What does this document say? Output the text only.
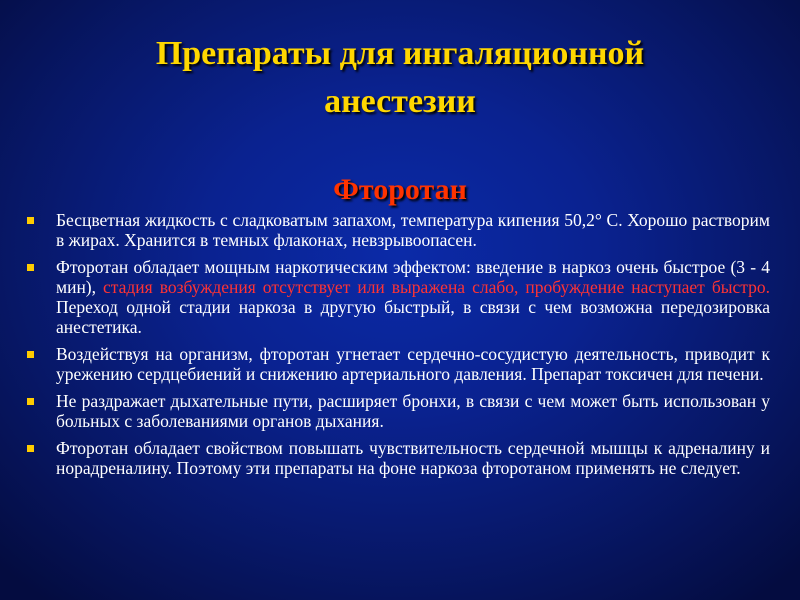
Препараты для ингаляционной
анестезии
Фторотан
Бесцветная жидкость с сладковатым запахом, температура кипения 50,2° С. Хорошо растворим в жирах. Хранится в темных флаконах, невзрывоопасен.
Фторотан обладает мощным наркотическим эффектом: введение в наркоз очень быстрое (3 - 4 мин), стадия возбуждения отсутствует или выражена слабо, пробуждение наступает быстро. Переход одной стадии наркоза в другую быстрый, в связи с чем возможна передозировка анестетика.
Воздействуя на организм, фторотан угнетает сердечно-сосудистую деятельность, приводит к урежению сердцебиений и снижению артериального давления. Препарат токсичен для печени.
Не раздражает дыхательные пути, расширяет бронхи, в связи с чем может быть использован у больных с заболеваниями органов дыхания.
Фторотан обладает свойством повышать чувствительность сердечной мышцы к адреналину и норадреналину. Поэтому эти препараты на фоне наркоза фторотаном применять не следует.
